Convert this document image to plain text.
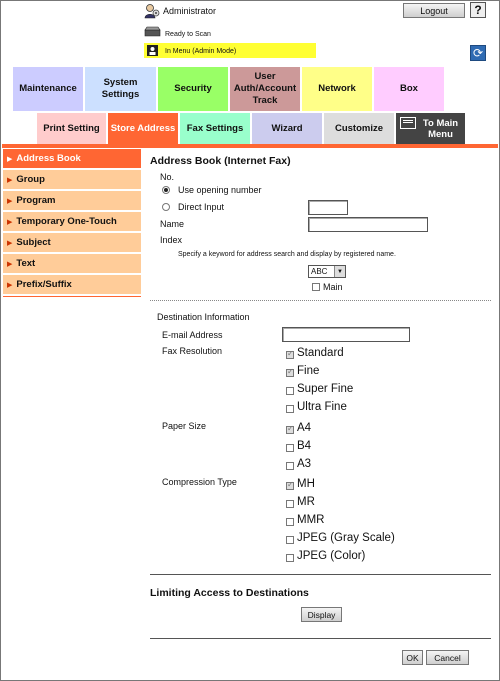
Administrator	Logout	?
Ready to Scan
In Menu (Admin Mode)	⟳
Maintenance
System Settings
Security
User Auth/Account Track
Network	Box
Print Setting	Store Address	Fax Settings	Wizard	Customize	To Main Menu
▶ Address Book
▶ Group
▶ Program
▶ Temporary One-Touch
▶ Subject
▶ Text
▶ Prefix/Suffix
Address Book (Internet Fax)
No.
Use opening number
Direct Input
Name
Index
Specify a keyword for address search and display by registered name.
ABC	▼
Main
Destination Information
E-mail Address
Fax Resolution ✓	Standard
✓
Fine
Super Fine
Ultra Fine
Paper Size ✓	A4
B4
A3
Compression Type ✓	MH
MR
MMR
JPEG (Gray Scale)
JPEG (Color)
Limiting Access to Destinations
Display
OK	Cancel
